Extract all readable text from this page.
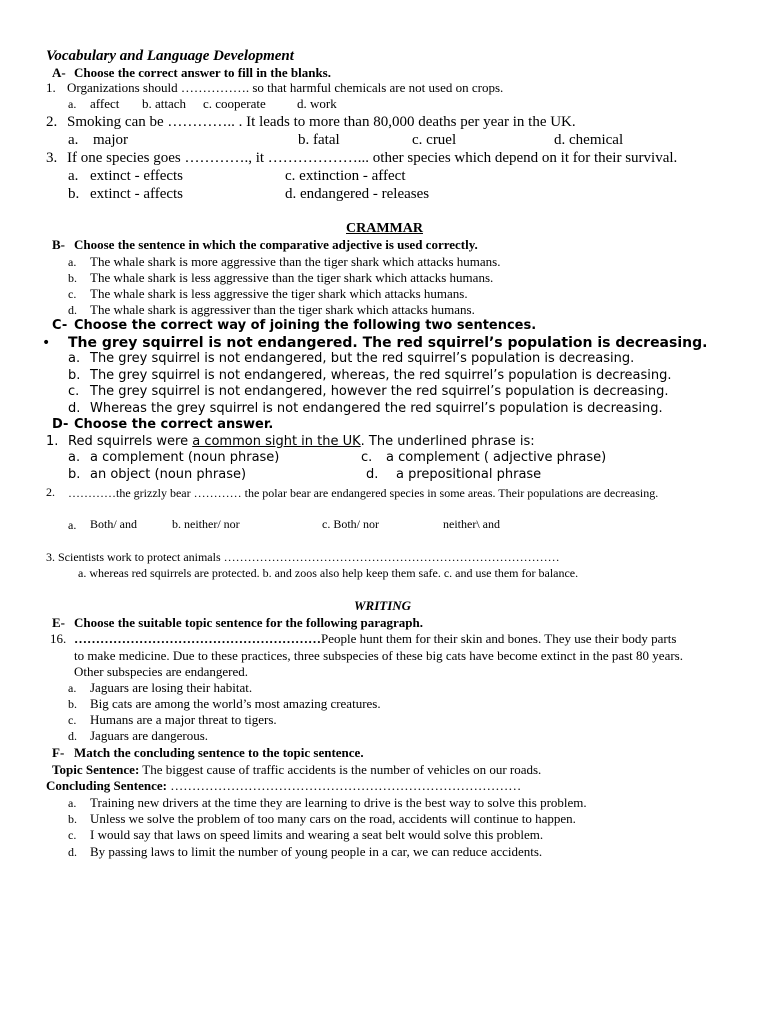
Vocabulary and Language Development
A- Choose the correct answer to fill in the blanks.
1. Organizations should ……………. so that harmful chemicals are not used on crops.
a. affect b. attach c. cooperate d. work
2. Smoking can be ………….. . It leads to more than 80,000 deaths per year in the UK.
a. major	b. fatal	c. cruel	d. chemical
3. If one species goes …………., it ………………... other species which depend on it for their survival.
a. extinct - effects	c. extinction - affect
b. extinct - affects	d. endangered - releases
CRAMMAR
B- Choose the sentence in which the comparative adjective is used correctly.
a. The whale shark is more aggressive than the tiger shark which attacks humans.
b. The whale shark is less aggressive than the tiger shark which attacks humans.
c. The whale shark is less aggressive the tiger shark which attacks humans.
d. The whale shark is aggressiver than the tiger shark which attacks humans.
C- Choose the correct way of joining the following two sentences.
• The grey squirrel is not endangered. The red squirrel’s population is decreasing.
a. The grey squirrel is not endangered, but the red squirrel’s population is decreasing.
b. The grey squirrel is not endangered, whereas, the red squirrel’s population is decreasing.
c. The grey squirrel is not endangered, however the red squirrel’s population is decreasing.
d. Whereas the grey squirrel is not endangered the red squirrel’s population is decreasing.
D- Choose the correct answer.
1. Red squirrels were a common sight in the UK. The underlined phrase is:
a. a complement (noun phrase)	c. a complement ( adjective phrase)
b. an object (noun phrase)	d. a prepositional phrase
2. …………the grizzly bear ………… the polar bear are endangered species in some areas. Their populations are decreasing.
a. Both/ and	b. neither/ nor	c. Both/ nor	neither\ and
3. Scientists work to protect animals …………………………………………………………………………
a. whereas red squirrels are protected. b. and zoos also help keep them safe. c. and use them for balance.
WRITING
E- Choose the suitable topic sentence for the following paragraph.
16. …………………………………………………People hunt them for their skin and bones. They use their body parts
to make medicine. Due to these practices, three subspecies of these big cats have become extinct in the past 80 years.
Other subspecies are endangered.
a. Jaguars are losing their habitat.
b. Big cats are among the world’s most amazing creatures.
c. Humans are a major threat to tigers.
d. Jaguars are dangerous.
F- Match the concluding sentence to the topic sentence.
Topic Sentence: The biggest cause of traffic accidents is the number of vehicles on our roads.
Concluding Sentence: ………………………………………………………………………
a. Training new drivers at the time they are learning to drive is the best way to solve this problem.
b. Unless we solve the problem of too many cars on the road, accidents will continue to happen.
c. I would say that laws on speed limits and wearing a seat belt would solve this problem.
d. By passing laws to limit the number of young people in a car, we can reduce accidents.
